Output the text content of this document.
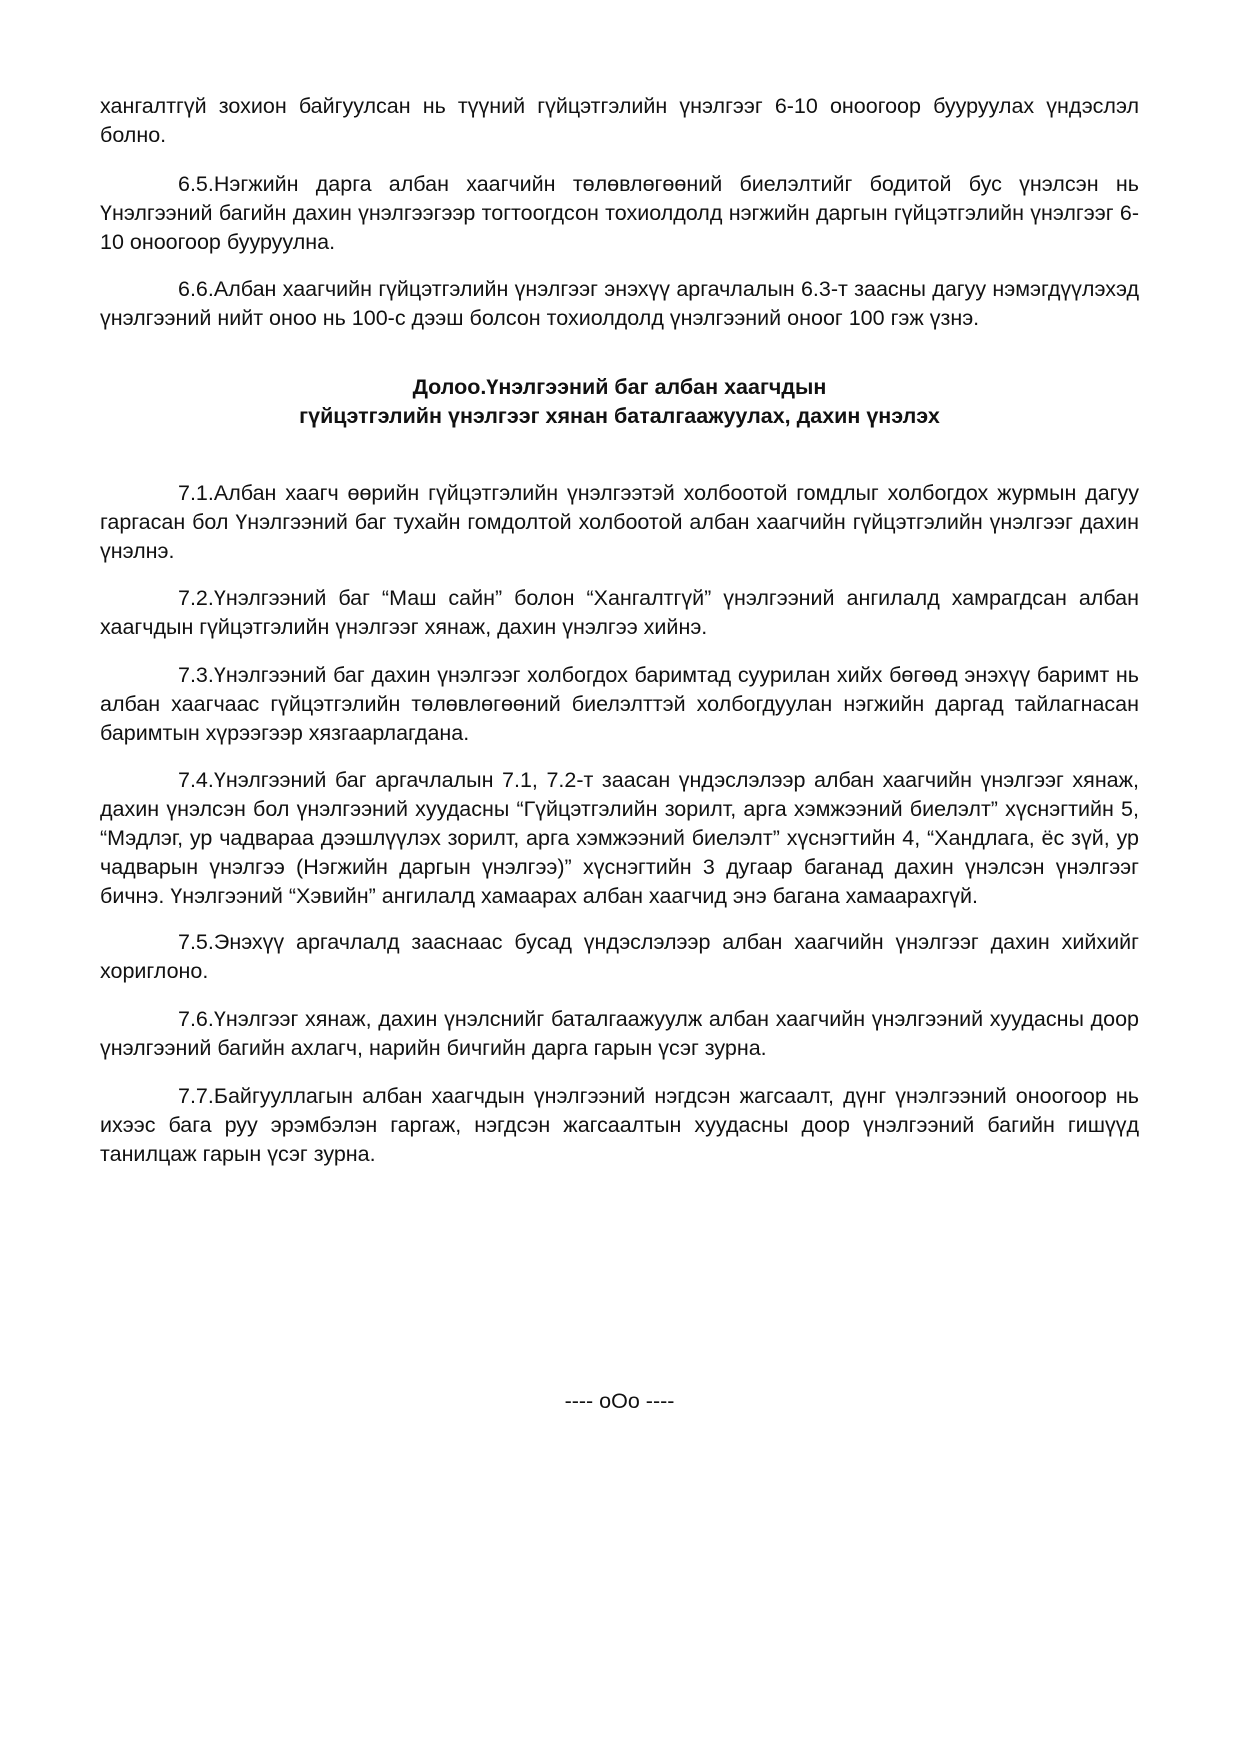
хангалтгүй зохион байгуулсан нь түүний гүйцэтгэлийн үнэлгээг 6-10 оноогоор бууруулах үндэслэл болно.

6.5.Нэгжийн дарга албан хаагчийн төлөвлөгөөний биелэлтийг бодитой бус үнэлсэн нь Үнэлгээний багийн дахин үнэлгээгээр тогтоогдсон тохиолдолд нэгжийн даргын гүйцэтгэлийн үнэлгээг 6-10 оноогоор бууруулна.

6.6.Албан хаагчийн гүйцэтгэлийн үнэлгээг энэхүү аргачлалын 6.3-т заасны дагуу нэмэгдүүлэхэд үнэлгээний нийт оноо нь 100-с дээш болсон тохиолдолд үнэлгээний оноог 100 гэж үзнэ.

Долоо.Үнэлгээний баг албан хаагчдын
гүйцэтгэлийн үнэлгээг хянан баталгаажуулах, дахин үнэлэх

7.1.Албан хаагч өөрийн гүйцэтгэлийн үнэлгээтэй холбоотой гомдлыг холбогдох журмын дагуу гаргасан бол Үнэлгээний баг тухайн гомдолтой холбоотой албан хаагчийн гүйцэтгэлийн үнэлгээг дахин үнэлнэ.

7.2.Үнэлгээний баг “Маш сайн” болон “Хангалтгүй” үнэлгээний ангилалд хамрагдсан албан хаагчдын гүйцэтгэлийн үнэлгээг хянаж, дахин үнэлгээ хийнэ.

7.3.Үнэлгээний баг дахин үнэлгээг холбогдох баримтад суурилан хийх бөгөөд энэхүү баримт нь албан хаагчаас гүйцэтгэлийн төлөвлөгөөний биелэлттэй холбогдуулан нэгжийн даргад тайлагнасан баримтын хүрээгээр хязгаарлагдана.

7.4.Үнэлгээний баг аргачлалын 7.1, 7.2-т заасан үндэслэлээр албан хаагчийн үнэлгээг хянаж, дахин үнэлсэн бол үнэлгээний хуудасны “Гүйцэтгэлийн зорилт, арга хэмжээний биелэлт” хүснэгтийн 5, “Мэдлэг, ур чадвараа дээшлүүлэх зорилт, арга хэмжээний биелэлт” хүснэгтийн 4, “Хандлага, ёс зүй, ур чадварын үнэлгээ (Нэгжийн даргын үнэлгээ)” хүснэгтийн 3 дугаар баганад дахин үнэлсэн үнэлгээг бичнэ. Үнэлгээний “Хэвийн” ангилалд хамаарах албан хаагчид энэ багана хамаарахгүй.

7.5.Энэхүү аргачлалд зааснаас бусад үндэслэлээр албан хаагчийн үнэлгээг дахин хийхийг хориглоно.

7.6.Үнэлгээг хянаж, дахин үнэлснийг баталгаажуулж албан хаагчийн үнэлгээний хуудасны доор үнэлгээний багийн ахлагч, нарийн бичгийн дарга гарын үсэг зурна.

7.7.Байгууллагын албан хаагчдын үнэлгээний нэгдсэн жагсаалт, дүнг үнэлгээний оноогоор нь ихээс бага руу эрэмбэлэн гаргаж, нэгдсэн жагсаалтын хуудасны доор үнэлгээний багийн гишүүд танилцаж гарын үсэг зурна.

---- oOo ----
